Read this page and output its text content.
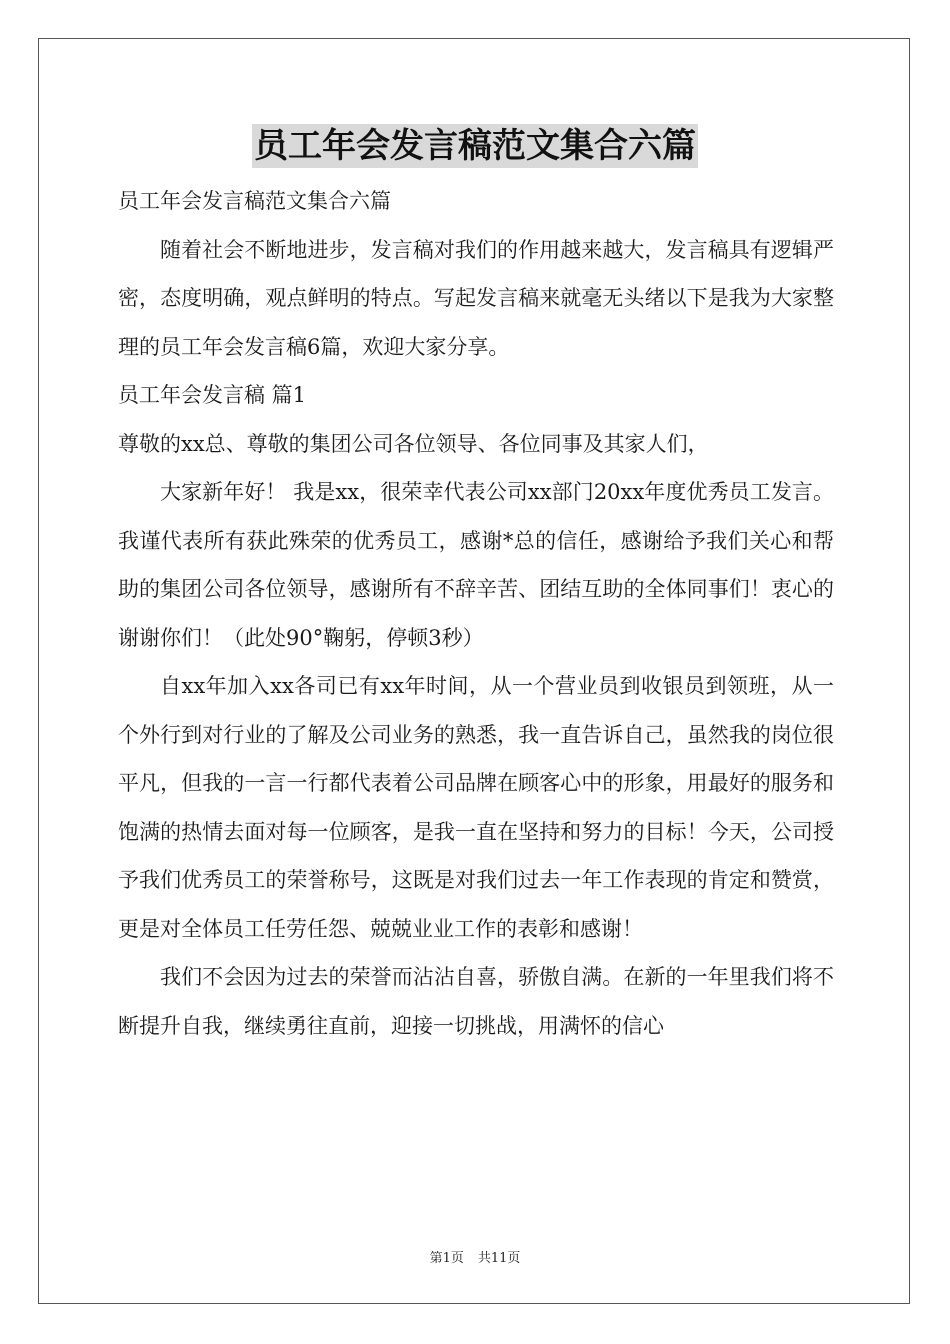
员工年会发言稿范文集合六篇

员工年会发言稿范文集合六篇

随着社会不断地进步，发言稿对我们的作用越来越大，发言稿具有逻辑严密，态度明确，观点鲜明的特点。写起发言稿来就毫无头绪以下是我为大家整理的员工年会发言稿6篇，欢迎大家分享。

员工年会发言稿 篇1

尊敬的xx总、尊敬的集团公司各位领导、各位同事及其家人们，

大家新年好！ 我是xx，很荣幸代表公司xx部门20xx年度优秀员工发言。我谨代表所有获此殊荣的优秀员工，感谢*总的信任，感谢给予我们关心和帮助的集团公司各位领导，感谢所有不辞辛苦、团结互助的全体同事们！衷心的谢谢你们！（此处90°鞠躬，停顿3秒）

自xx年加入xx各司已有xx年时间，从一个营业员到收银员到领班，从一个外行到对行业的了解及公司业务的熟悉，我一直告诉自己，虽然我的岗位很平凡，但我的一言一行都代表着公司品牌在顾客心中的形象，用最好的服务和饱满的热情去面对每一位顾客，是我一直在坚持和努力的目标！今天，公司授予我们优秀员工的荣誉称号，这既是对我们过去一年工作表现的肯定和赞赏，更是对全体员工任劳任怨、兢兢业业工作的表彰和感谢！

我们不会因为过去的荣誉而沾沾自喜，骄傲自满。在新的一年里我们将不断提升自我，继续勇往直前，迎接一切挑战，用满怀的信心

第1页 共11页
